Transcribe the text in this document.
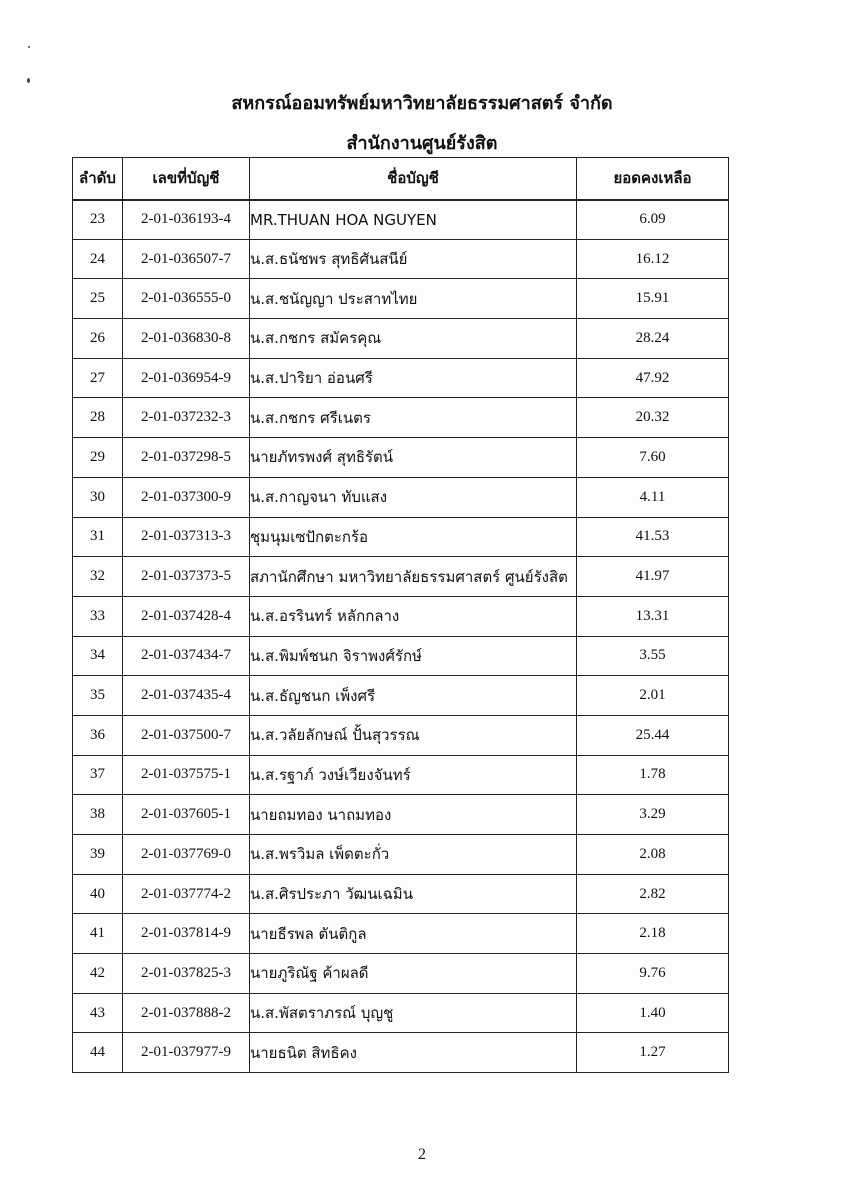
สหกรณ์ออมทรัพย์มหาวิทยาลัยธรรมศาสตร์ จำกัด
สำนักงานศูนย์รังสิต
ลำดับ	เลขที่บัญชี	ชื่อบัญชี	ยอดคงเหลือ
23	2-01-036193-4	MR.THUAN HOA NGUYEN	6.09
24	2-01-036507-7	น.ส.ธนัชพร สุทธิศันสนีย์	16.12
25	2-01-036555-0	น.ส.ชนัญญา ประสาทไทย	15.91
26	2-01-036830-8	น.ส.กชกร สมัครคุณ	28.24
27	2-01-036954-9	น.ส.ปาริยา อ่อนศรี	47.92
28	2-01-037232-3	น.ส.กชกร ศรีเนตร	20.32
29	2-01-037298-5	นายภัทรพงศ์ สุทธิรัตน์	7.60
30	2-01-037300-9	น.ส.กาญจนา ทับแสง	4.11
31	2-01-037313-3	ชุมนุมเซปักตะกร้อ	41.53
32	2-01-037373-5	สภานักศึกษา มหาวิทยาลัยธรรมศาสตร์ ศูนย์รังสิต	41.97
33	2-01-037428-4	น.ส.อรรินทร์ หลักกลาง	13.31
34	2-01-037434-7	น.ส.พิมพ์ชนก จิราพงศ์รักษ์	3.55
35	2-01-037435-4	น.ส.ธัญชนก เพ็งศรี	2.01
36	2-01-037500-7	น.ส.วลัยลักษณ์ ปั้นสุวรรณ	25.44
37	2-01-037575-1	น.ส.รฐาภ์ วงษ์เวียงจันทร์	1.78
38	2-01-037605-1	นายถมทอง นาถมทอง	3.29
39	2-01-037769-0	น.ส.พรวิมล เพ็ดตะกั่ว	2.08
40	2-01-037774-2	น.ส.ศิรประภา วัฒนเฉมิน	2.82
41	2-01-037814-9	นายธีรพล ตันติกูล	2.18
42	2-01-037825-3	นายภูริณัฐ ค้าผลดี	9.76
43	2-01-037888-2	น.ส.พัสตราภรณ์ บุญชู	1.40
44	2-01-037977-9	นายธนิต สิทธิคง	1.27
2
